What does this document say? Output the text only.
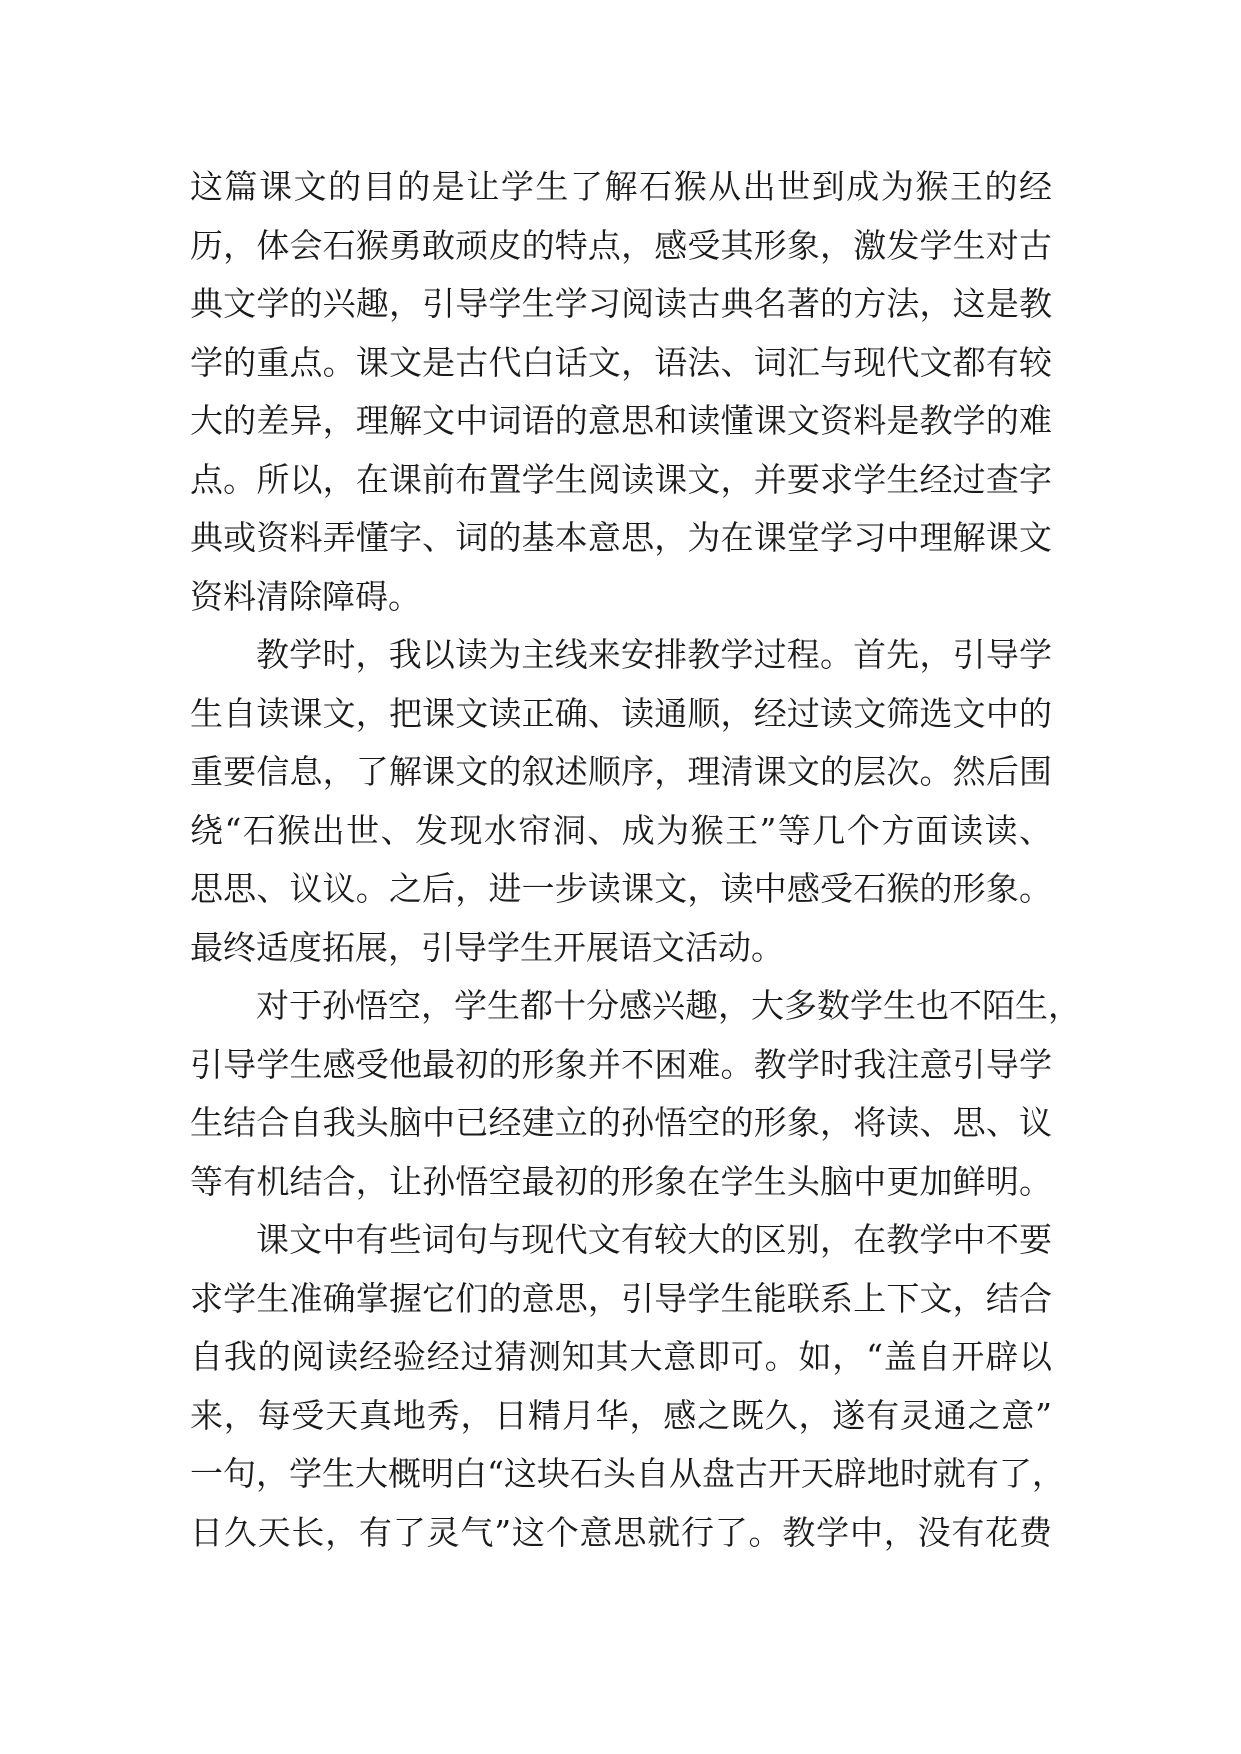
这篇课文的目的是让学生了解石猴从出世到成为猴王的经
历，体会石猴勇敢顽皮的特点，感受其形象，激发学生对古
典文学的兴趣，引导学生学习阅读古典名著的方法，这是教
学的重点。课文是古代白话文，语法、词汇与现代文都有较
大的差异，理解文中词语的意思和读懂课文资料是教学的难
点。所以，在课前布置学生阅读课文，并要求学生经过查字
典或资料弄懂字、词的基本意思，为在课堂学习中理解课文
资料清除障碍。
教学时，我以读为主线来安排教学过程。首先，引导学
生自读课文，把课文读正确、读通顺，经过读文筛选文中的
重要信息，了解课文的叙述顺序，理清课文的层次。然后围
绕“石猴出世、发现水帘洞、成为猴王”等几个方面读读、
思思、议议。之后，进一步读课文，读中感受石猴的形象。
最终适度拓展，引导学生开展语文活动。
对于孙悟空，学生都十分感兴趣，大多数学生也不陌生，
引导学生感受他最初的形象并不困难。教学时我注意引导学
生结合自我头脑中已经建立的孙悟空的形象，将读、思、议
等有机结合，让孙悟空最初的形象在学生头脑中更加鲜明。
课文中有些词句与现代文有较大的区别，在教学中不要
求学生准确掌握它们的意思，引导学生能联系上下文，结合
自我的阅读经验经过猜测知其大意即可。如，“盖自开辟以
来，每受天真地秀，日精月华，感之既久，遂有灵通之意”
一句，学生大概明白“这块石头自从盘古开天辟地时就有了，
日久天长，有了灵气”这个意思就行了。教学中，没有花费
